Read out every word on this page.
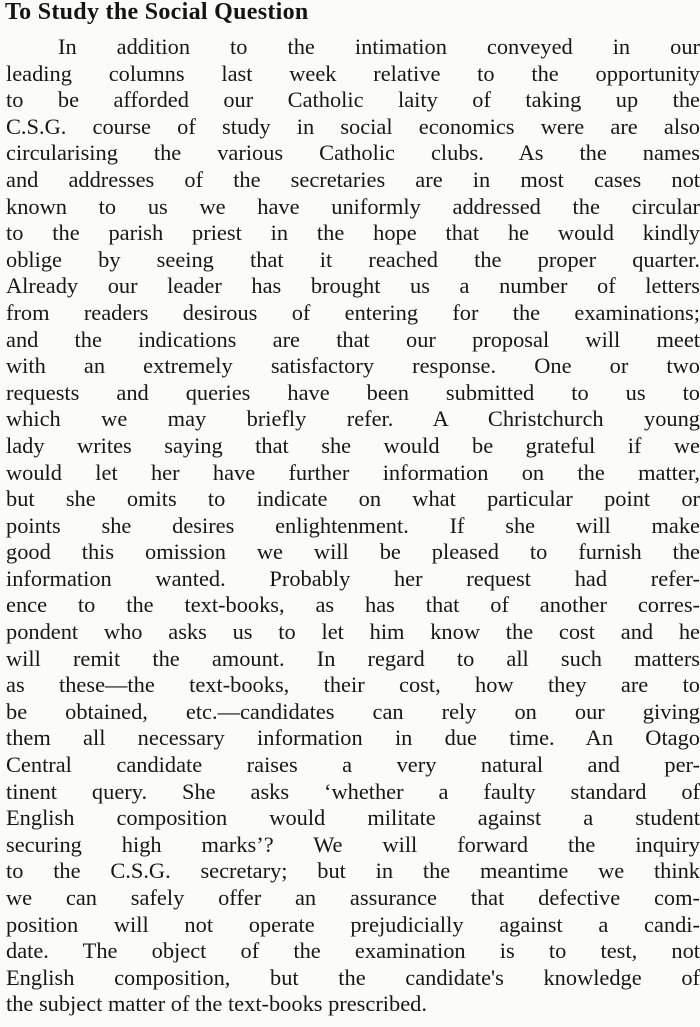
To Study the Social Question
In addition to the intimation conveyed in our
leading columns last week relative to the opportunity
to be afforded our Catholic laity of taking up the
C.S.G. course of study in social economics were are also
circularising the various Catholic clubs. As the names
and addresses of the secretaries are in most cases not
known to us we have uniformly addressed the circular
to the parish priest in the hope that he would kindly
oblige by seeing that it reached the proper quarter.
Already our leader has brought us a number of letters
from readers desirous of entering for the examinations;
and the indications are that our proposal will meet
with an extremely satisfactory response. One or two
requests and queries have been submitted to us to
which we may briefly refer. A Christchurch young
lady writes saying that she would be grateful if we
would let her have further information on the matter,
but she omits to indicate on what particular point or
points she desires enlightenment. If she will make
good this omission we will be pleased to furnish the
information wanted. Probably her request had refer-
ence to the text-books, as has that of another corres-
pondent who asks us to let him know the cost and he
will remit the amount. In regard to all such matters
as these—the text-books, their cost, how they are to
be obtained, etc.—candidates can rely on our giving
them all necessary information in due time. An Otago
Central candidate raises a very natural and per-
tinent query. She asks ‘whether a faulty standard of
English composition would militate against a student
securing high marks’? We will forward the inquiry
to the C.S.G. secretary; but in the meantime we think
we can safely offer an assurance that defective com-
position will not operate prejudicially against a candi-
date. The object of the examination is to test, not
English composition, but the candidate's knowledge of
the subject matter of the text-books prescribed.
